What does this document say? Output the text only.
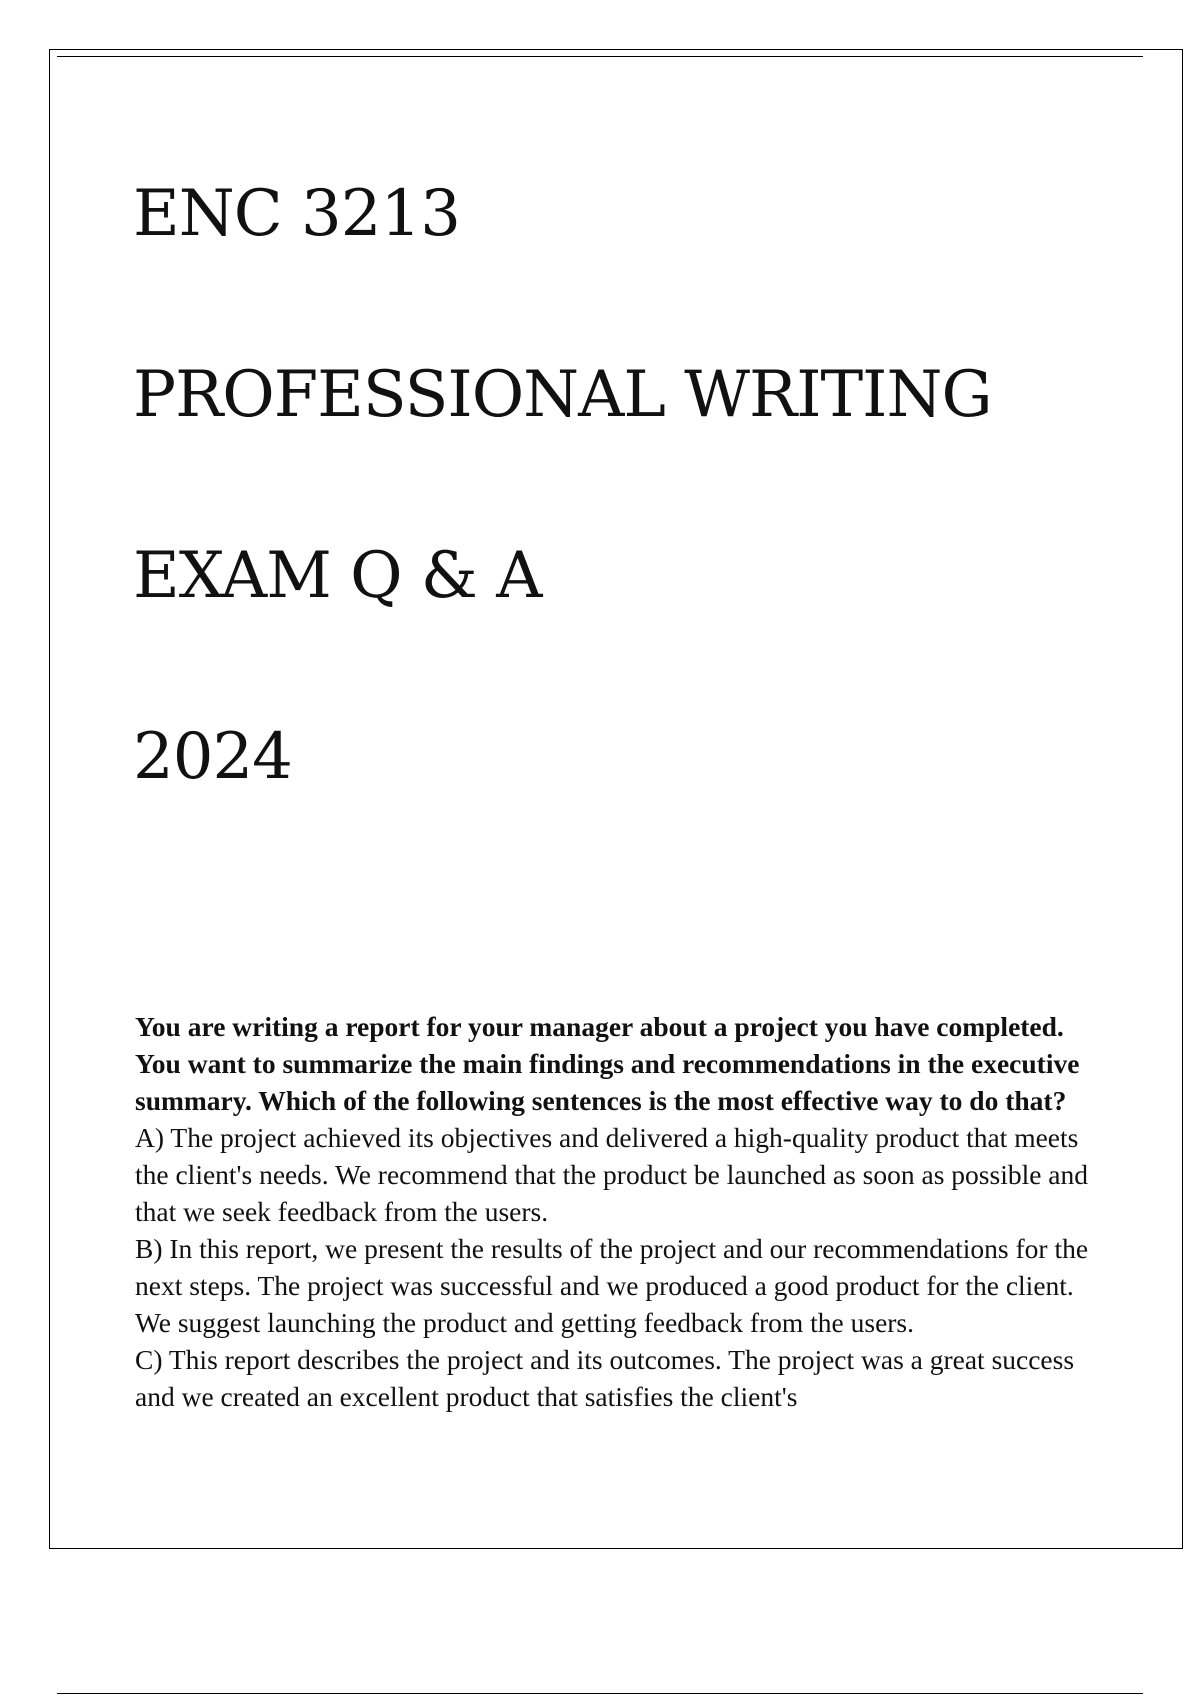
ENC 3213
PROFESSIONAL WRITING
EXAM Q & A
2024

You are writing a report for your manager about a project you have completed. You want to summarize the main findings and recommendations in the executive summary. Which of the following sentences is the most effective way to do that?

A) The project achieved its objectives and delivered a high-quality product that meets the client's needs. We recommend that the product be launched as soon as possible and that we seek feedback from the users.

B) In this report, we present the results of the project and our recommendations for the next steps. The project was successful and we produced a good product for the client. We suggest launching the product and getting feedback from the users.

C) This report describes the project and its outcomes. The project was a great success and we created an excellent product that satisfies the client's
